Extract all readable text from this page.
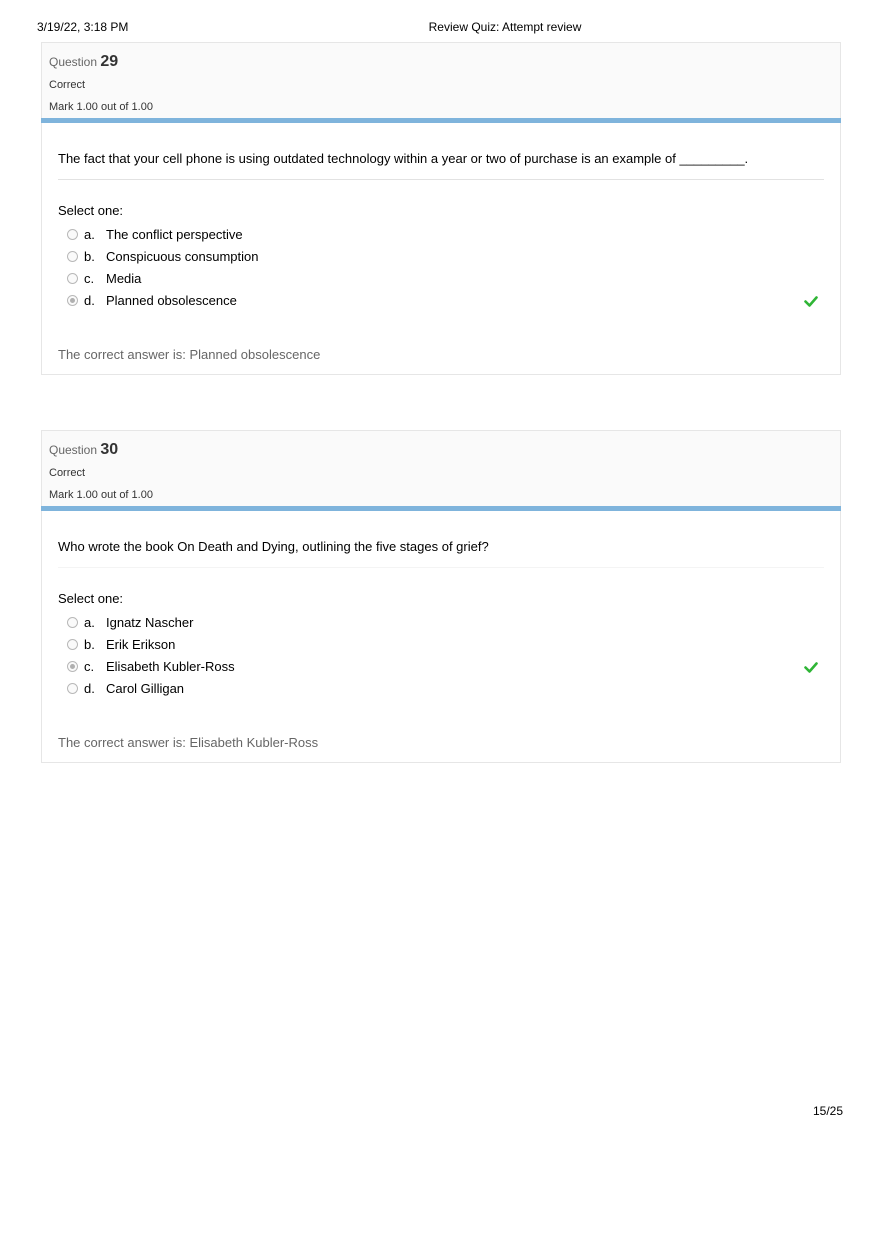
3/19/22, 3:18 PM	Review Quiz: Attempt review
Question 29
Correct
Mark 1.00 out of 1.00
The fact that your cell phone is using outdated technology within a year or two of purchase is an example of _________.
Select one:
a. The conflict perspective
b. Conspicuous consumption
c. Media
d. Planned obsolescence
The correct answer is: Planned obsolescence
Question 30
Correct
Mark 1.00 out of 1.00
Who wrote the book On Death and Dying, outlining the five stages of grief?
Select one:
a. Ignatz Nascher
b. Erik Erikson
c. Elisabeth Kubler-Ross
d. Carol Gilligan
The correct answer is: Elisabeth Kubler-Ross
15/25
